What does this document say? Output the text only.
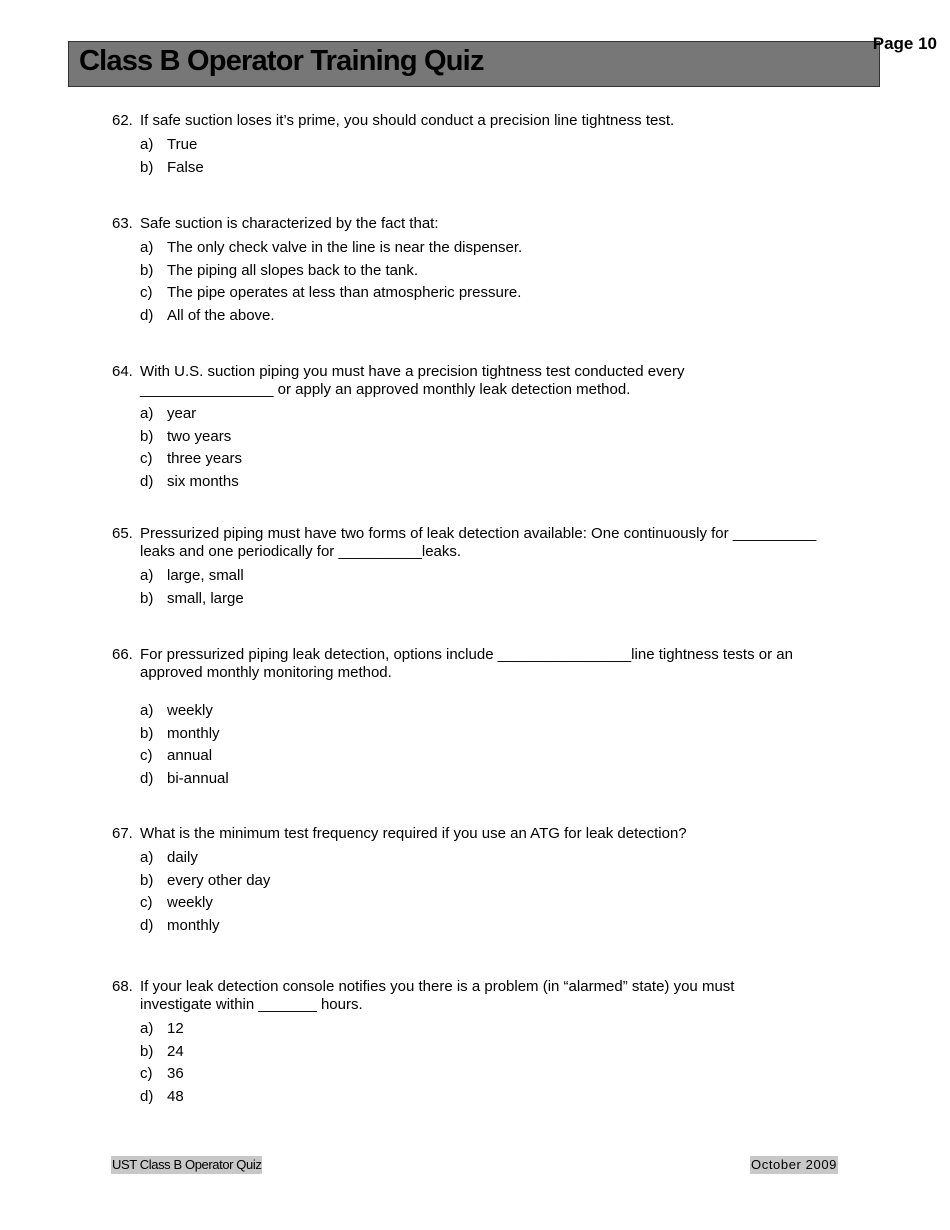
Class B Operator Training Quiz
Page 10
62. If safe suction loses it’s prime, you should conduct a precision line tightness test.
a) True
b) False
63. Safe suction is characterized by the fact that:
a) The only check valve in the line is near the dispenser.
b) The piping all slopes back to the tank.
c) The pipe operates at less than atmospheric pressure.
d) All of the above.
64. With U.S. suction piping you must have a precision tightness test conducted every
________________ or apply an approved monthly leak detection method.
a) year
b) two years
c) three years
d) six months
65. Pressurized piping must have two forms of leak detection available: One continuously for __________
leaks and one periodically for __________leaks.
a) large, small
b) small, large
66. For pressurized piping leak detection, options include ________________line tightness tests or an
approved monthly monitoring method.
a) weekly
b) monthly
c) annual
d) bi-annual
67. What is the minimum test frequency required if you use an ATG for leak detection?
a) daily
b) every other day
c) weekly
d) monthly
68. If your leak detection console notifies you there is a problem (in “alarmed” state) you must
investigate within _______ hours.
a) 12
b) 24
c) 36
d) 48
UST Class B Operator Quiz	October 2009
